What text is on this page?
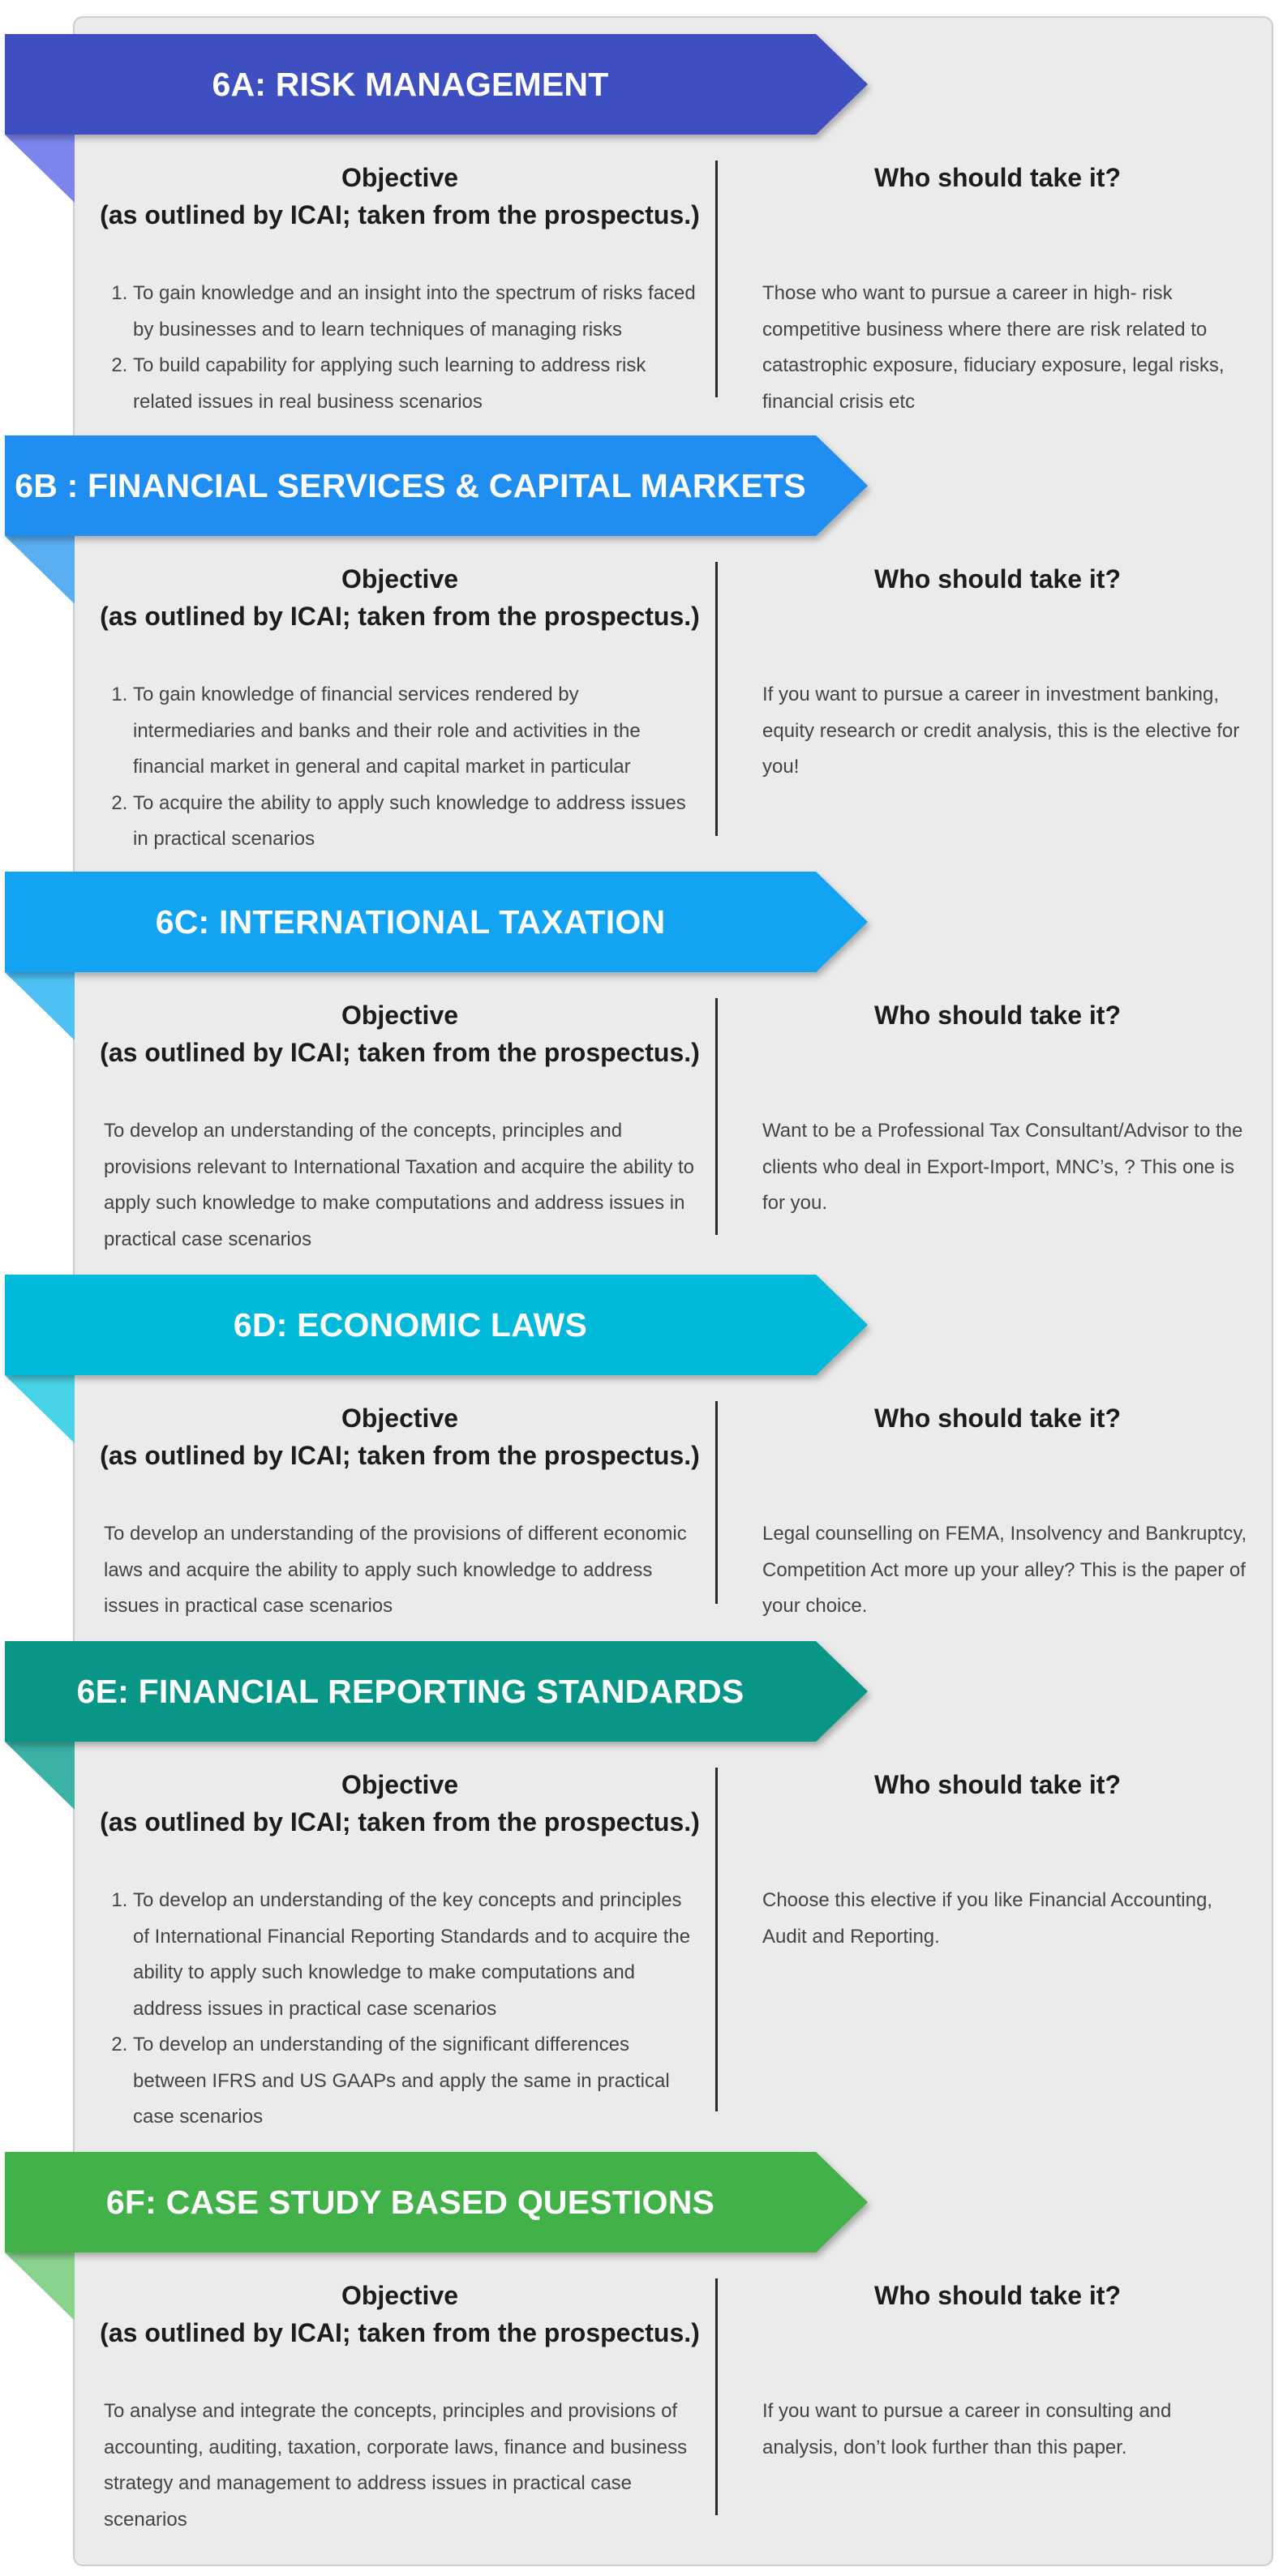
6A: RISK MANAGEMENT
Objective
(as outlined by ICAI; taken from the prospectus.)
Who should take it?
1. To gain knowledge and an insight into the spectrum of risks faced by businesses and to learn techniques of managing risks
2. To build capability for applying such learning to address risk related issues in real business scenarios
Those who want to pursue a career in high- risk competitive business where there are risk related to catastrophic exposure, fiduciary exposure, legal risks, financial crisis etc
6B : FINANCIAL SERVICES & CAPITAL MARKETS
Objective
(as outlined by ICAI; taken from the prospectus.)
Who should take it?
1. To gain knowledge of financial services rendered by intermediaries and banks and their role and activities in the financial market in general and capital market in particular
2. To acquire the ability to apply such knowledge to address issues in practical scenarios
If you want to pursue a career in investment banking, equity research or credit analysis, this is the elective for you!
6C: INTERNATIONAL TAXATION
Objective
(as outlined by ICAI; taken from the prospectus.)
Who should take it?
To develop an understanding of the concepts, principles and provisions relevant to International Taxation and acquire the ability to apply such knowledge to make computations and address issues in practical case scenarios
Want to be a Professional Tax Consultant/Advisor to the clients who deal in Export-Import, MNC’s, ? This one is for you.
6D: ECONOMIC LAWS
Objective
(as outlined by ICAI; taken from the prospectus.)
Who should take it?
To develop an understanding of the provisions of different economic laws and acquire the ability to apply such knowledge to address issues in practical case scenarios
Legal counselling on FEMA, Insolvency and Bankruptcy, Competition Act more up your alley? This is the paper of your choice.
6E: FINANCIAL REPORTING STANDARDS
Objective
(as outlined by ICAI; taken from the prospectus.)
Who should take it?
1. To develop an understanding of the key concepts and principles of International Financial Reporting Standards and to acquire the ability to apply such knowledge to make computations and address issues in practical case scenarios
2. To develop an understanding of the significant differences between IFRS and US GAAPs and apply the same in practical case scenarios
Choose this elective if you like Financial Accounting, Audit and Reporting.
6F: CASE STUDY BASED QUESTIONS
Objective
(as outlined by ICAI; taken from the prospectus.)
Who should take it?
To analyse and integrate the concepts, principles and provisions of accounting, auditing, taxation, corporate laws, finance and business strategy and management to address issues in practical case scenarios
If you want to pursue a career in consulting and analysis, don’t look further than this paper.
